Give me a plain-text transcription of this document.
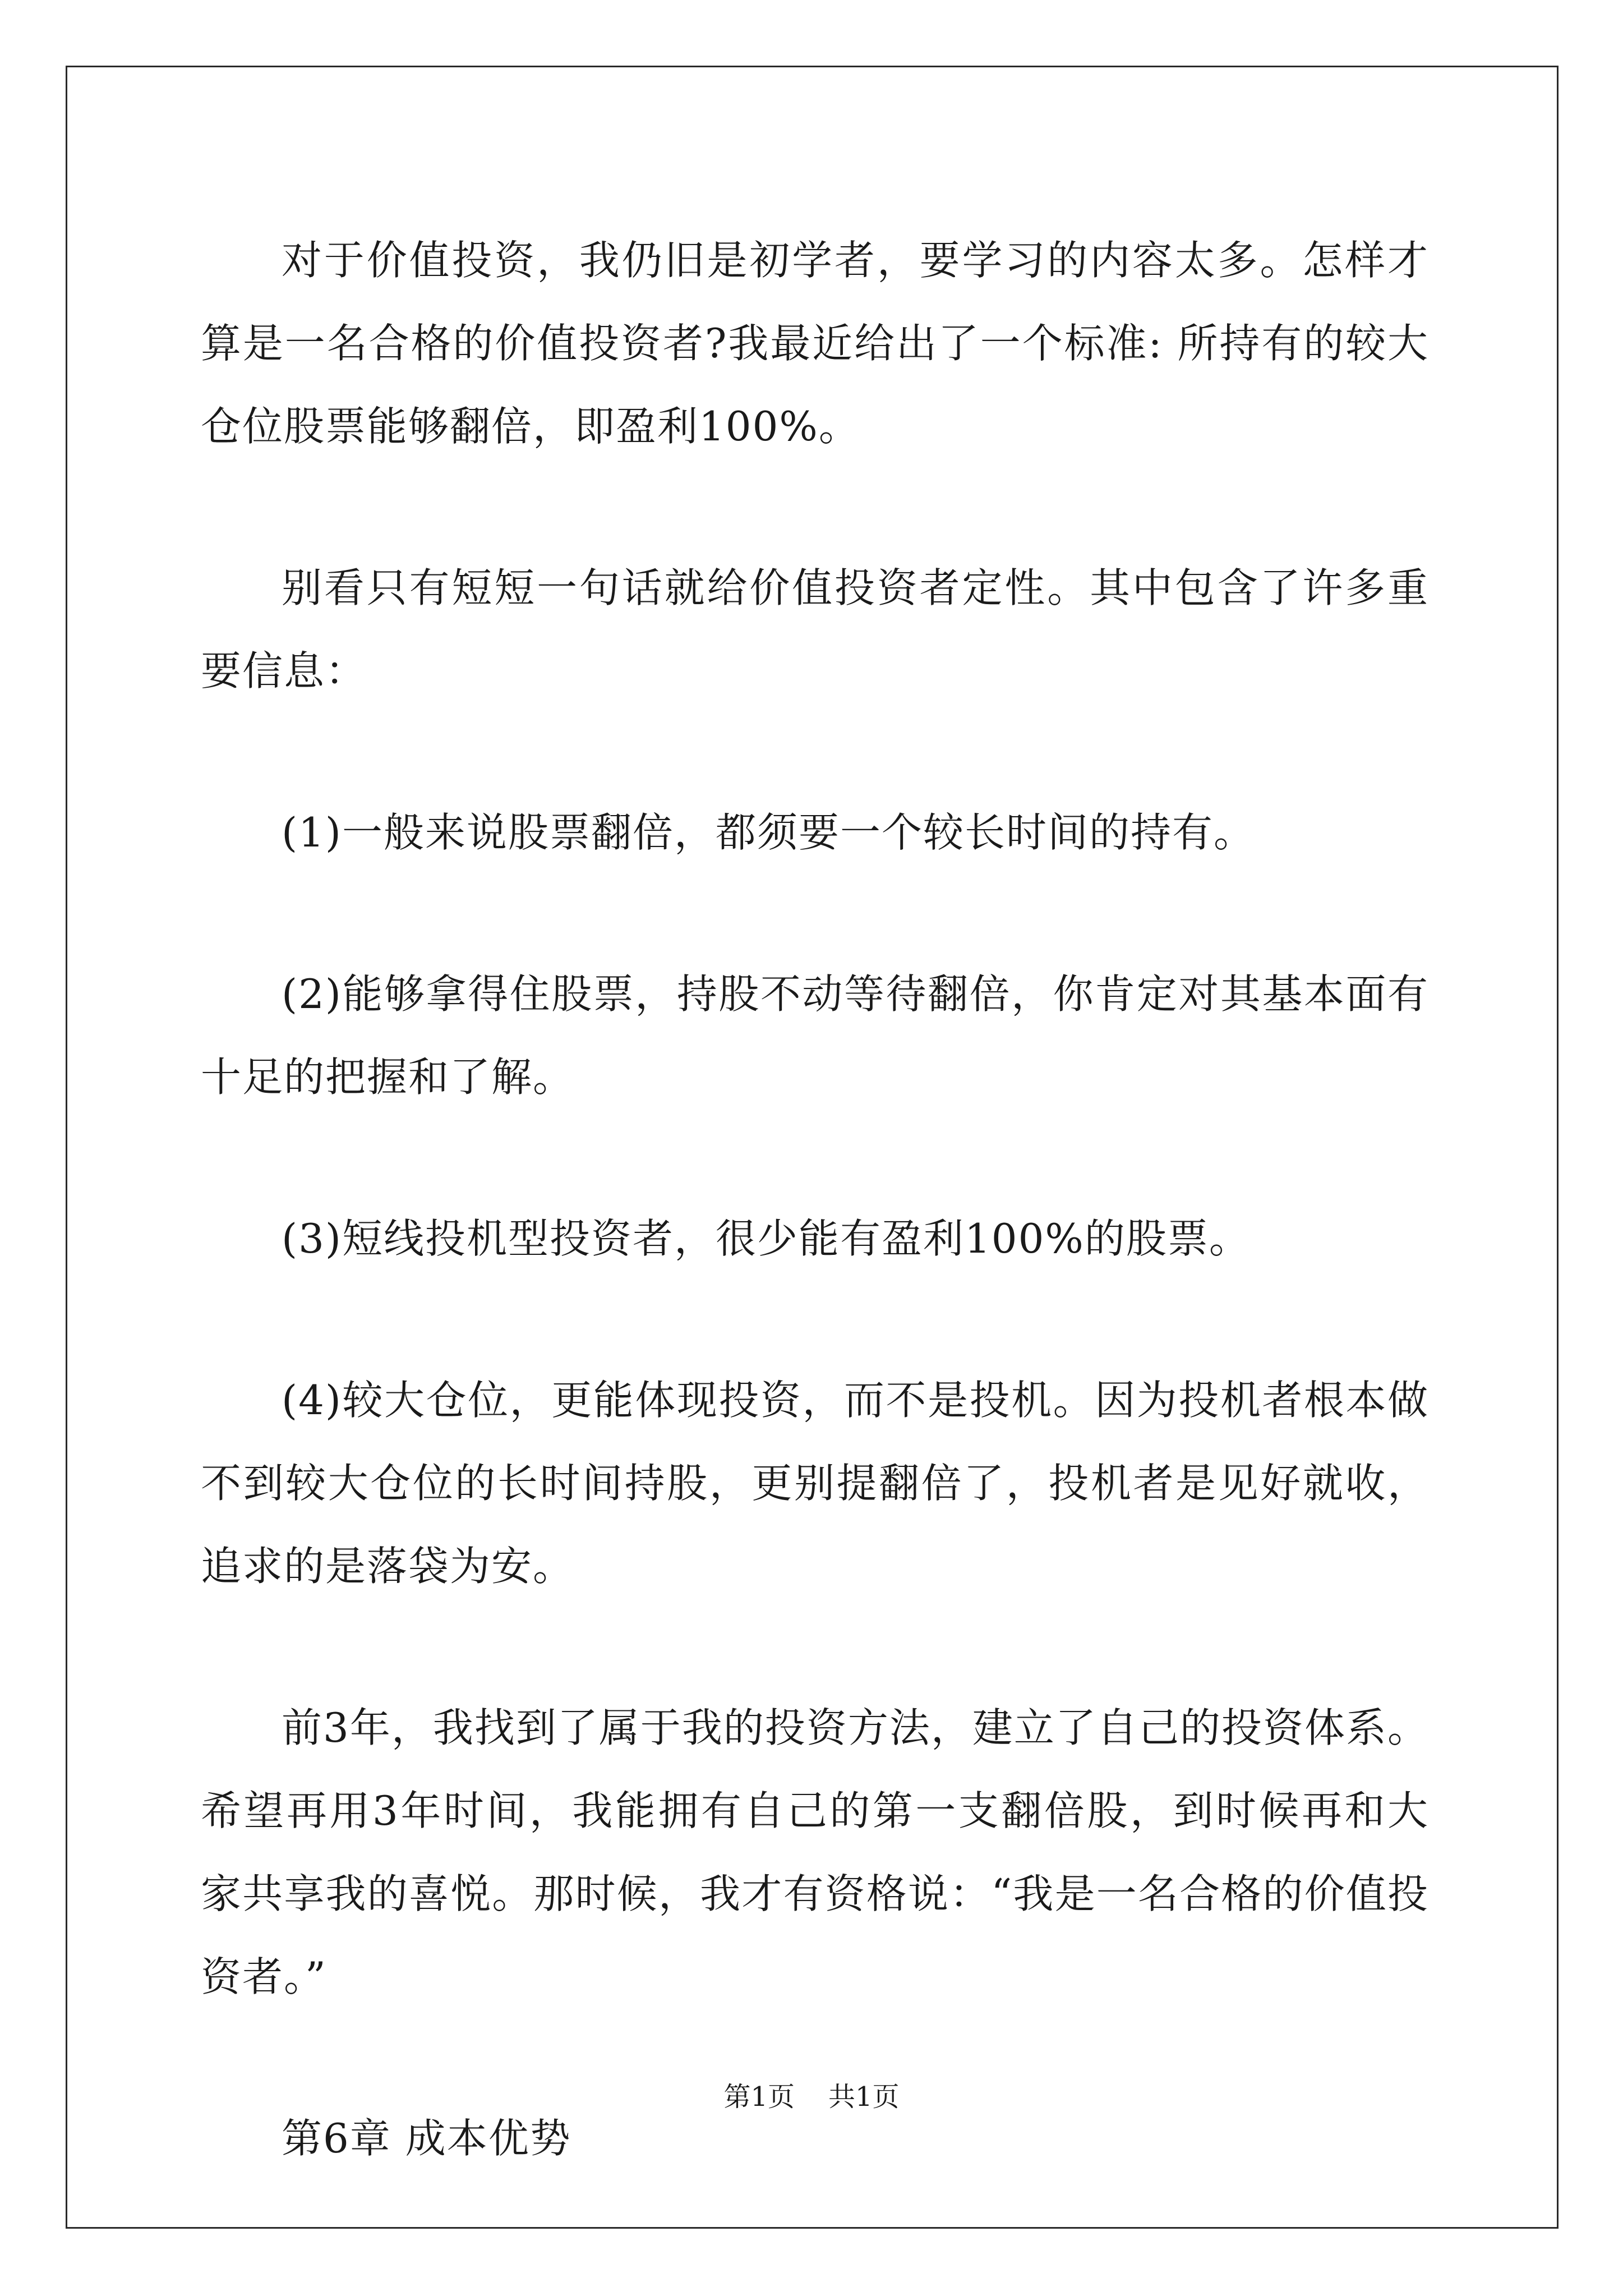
对于价值投资，我仍旧是初学者，要学习的内容太多。怎样才算是一名合格的价值投资者?我最近给出了一个标准: 所持有的较大仓位股票能够翻倍，即盈利100%。

别看只有短短一句话就给价值投资者定性。其中包含了许多重要信息：

(1)一般来说股票翻倍，都须要一个较长时间的持有。

(2)能够拿得住股票，持股不动等待翻倍，你肯定对其基本面有十足的把握和了解。

(3)短线投机型投资者，很少能有盈利100%的股票。

(4)较大仓位，更能体现投资，而不是投机。因为投机者根本做不到较大仓位的长时间持股，更别提翻倍了，投机者是见好就收，追求的是落袋为安。

前3年，我找到了属于我的投资方法，建立了自己的投资体系。希望再用3年时间，我能拥有自己的第一支翻倍股，到时候再和大家共享我的喜悦。那时候，我才有资格说：“我是一名合格的价值投资者。”

第6章 成本优势

第1页 共1页
